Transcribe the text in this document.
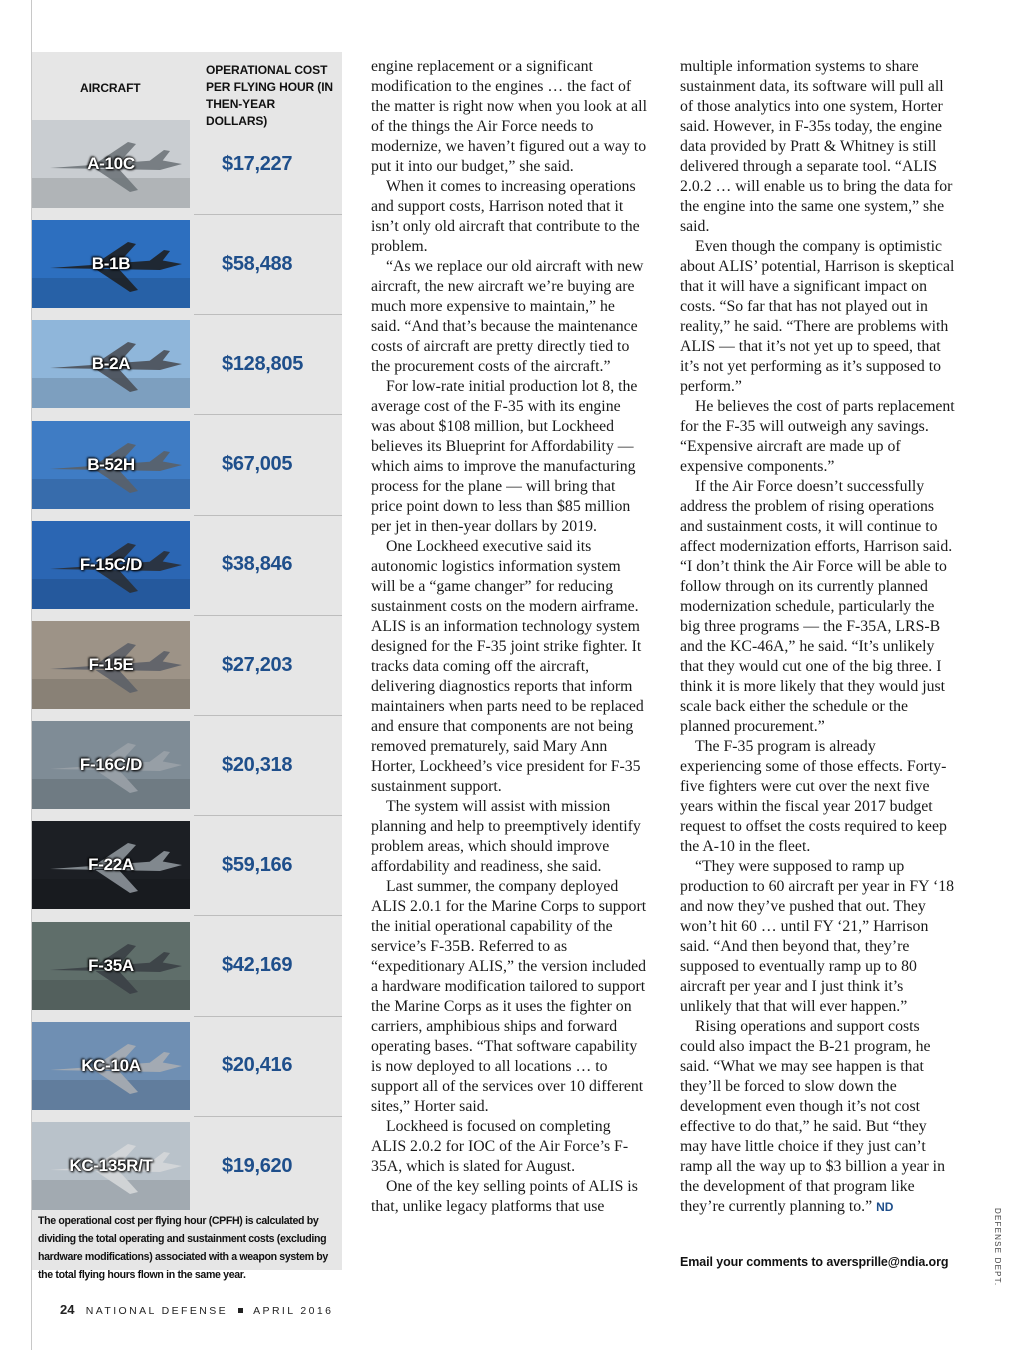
AIRCRAFT
OPERATIONAL COST PER FLYING HOUR (IN THEN-YEAR DOLLARS)
A-10C	$17,227
B-1B	$58,488
B-2A	$128,805
B-52H	$67,005
F-15C/D	$38,846
F-15E	$27,203
F-16C/D	$20,318
F-22A	$59,166
F-35A	$42,169
KC-10A	$20,416
KC-135R/T	$19,620
The operational cost per flying hour (CPFH) is calculated by dividing the total operating and sustainment costs (excluding hardware modifications) associated with a weapon system by the total flying hours flown in the same year.

engine replacement or a significant modification to the engines … the fact of the matter is right now when you look at all of the things the Air Force needs to modernize, we haven’t figured out a way to put it into our budget,” she said.

When it comes to increasing operations and support costs, Harrison noted that it isn’t only old aircraft that contribute to the problem.

“As we replace our old aircraft with new aircraft, the new aircraft we’re buying are much more expensive to maintain,” he said. “And that’s because the maintenance costs of aircraft are pretty directly tied to the procurement costs of the aircraft.”

For low-rate initial production lot 8, the average cost of the F-35 with its engine was about $108 million, but Lockheed believes its Blueprint for Affordability — which aims to improve the manufacturing process for the plane — will bring that price point down to less than $85 million per jet in then-year dollars by 2019.

One Lockheed executive said its autonomic logistics information system will be a “game changer” for reducing sustainment costs on the modern airframe. ALIS is an information technology system designed for the F-35 joint strike fighter. It tracks data coming off the aircraft, delivering diagnostics reports that inform maintainers when parts need to be replaced and ensure that components are not being removed prematurely, said Mary Ann Horter, Lockheed’s vice president for F-35 sustainment support.

The system will assist with mission planning and help to preemptively identify problem areas, which should improve affordability and readiness, she said.

Last summer, the company deployed ALIS 2.0.1 for the Marine Corps to support the initial operational capability of the service’s F-35B. Referred to as “expeditionary ALIS,” the version included a hardware modification tailored to support the Marine Corps as it uses the fighter on carriers, amphibious ships and forward operating bases. “That software capability is now deployed to all locations … to support all of the services over 10 different sites,” Horter said.

Lockheed is focused on completing ALIS 2.0.2 for IOC of the Air Force’s F-35A, which is slated for August.

One of the key selling points of ALIS is that, unlike legacy platforms that use

multiple information systems to share sustainment data, its software will pull all of those analytics into one system, Horter said. However, in F-35s today, the engine data provided by Pratt & Whitney is still delivered through a separate tool. “ALIS 2.0.2 … will enable us to bring the data for the engine into the same one system,” she said.

Even though the company is optimistic about ALIS’ potential, Harrison is skeptical that it will have a significant impact on costs. “So far that has not played out in reality,” he said. “There are problems with ALIS — that it’s not yet up to speed, that it’s not yet performing as it’s supposed to perform.”

He believes the cost of parts replacement for the F-35 will outweigh any savings. “Expensive aircraft are made up of expensive components.”

If the Air Force doesn’t successfully address the problem of rising operations and sustainment costs, it will continue to affect modernization efforts, Harrison said. “I don’t think the Air Force will be able to follow through on its currently planned modernization schedule, particularly the big three programs — the F-35A, LRS-B and the KC-46A,” he said. “It’s unlikely that they would cut one of the big three. I think it is more likely that they would just scale back either the schedule or the planned procurement.”

The F-35 program is already experiencing some of those effects. Forty-five fighters were cut over the next five years within the fiscal year 2017 budget request to offset the costs required to keep the A-10 in the fleet.

“They were supposed to ramp up production to 60 aircraft per year in FY ‘18 and now they’ve pushed that out. They won’t hit 60 … until FY ‘21,” Harrison said. “And then beyond that, they’re supposed to eventually ramp up to 80 aircraft per year and I just think it’s unlikely that that will ever happen.”

Rising operations and support costs could also impact the B-21 program, he said. “What we may see happen is that they’ll be forced to slow down the development even though it’s not cost effective to do that,” he said. But “they may have little choice if they just can’t ramp all the way up to $3 billion a year in the development of that program like they’re currently planning to.” ND

Email your comments to aversprille@ndia.org	DEFENSE DEPT.
24 NATIONAL DEFENSE APRIL 2016
